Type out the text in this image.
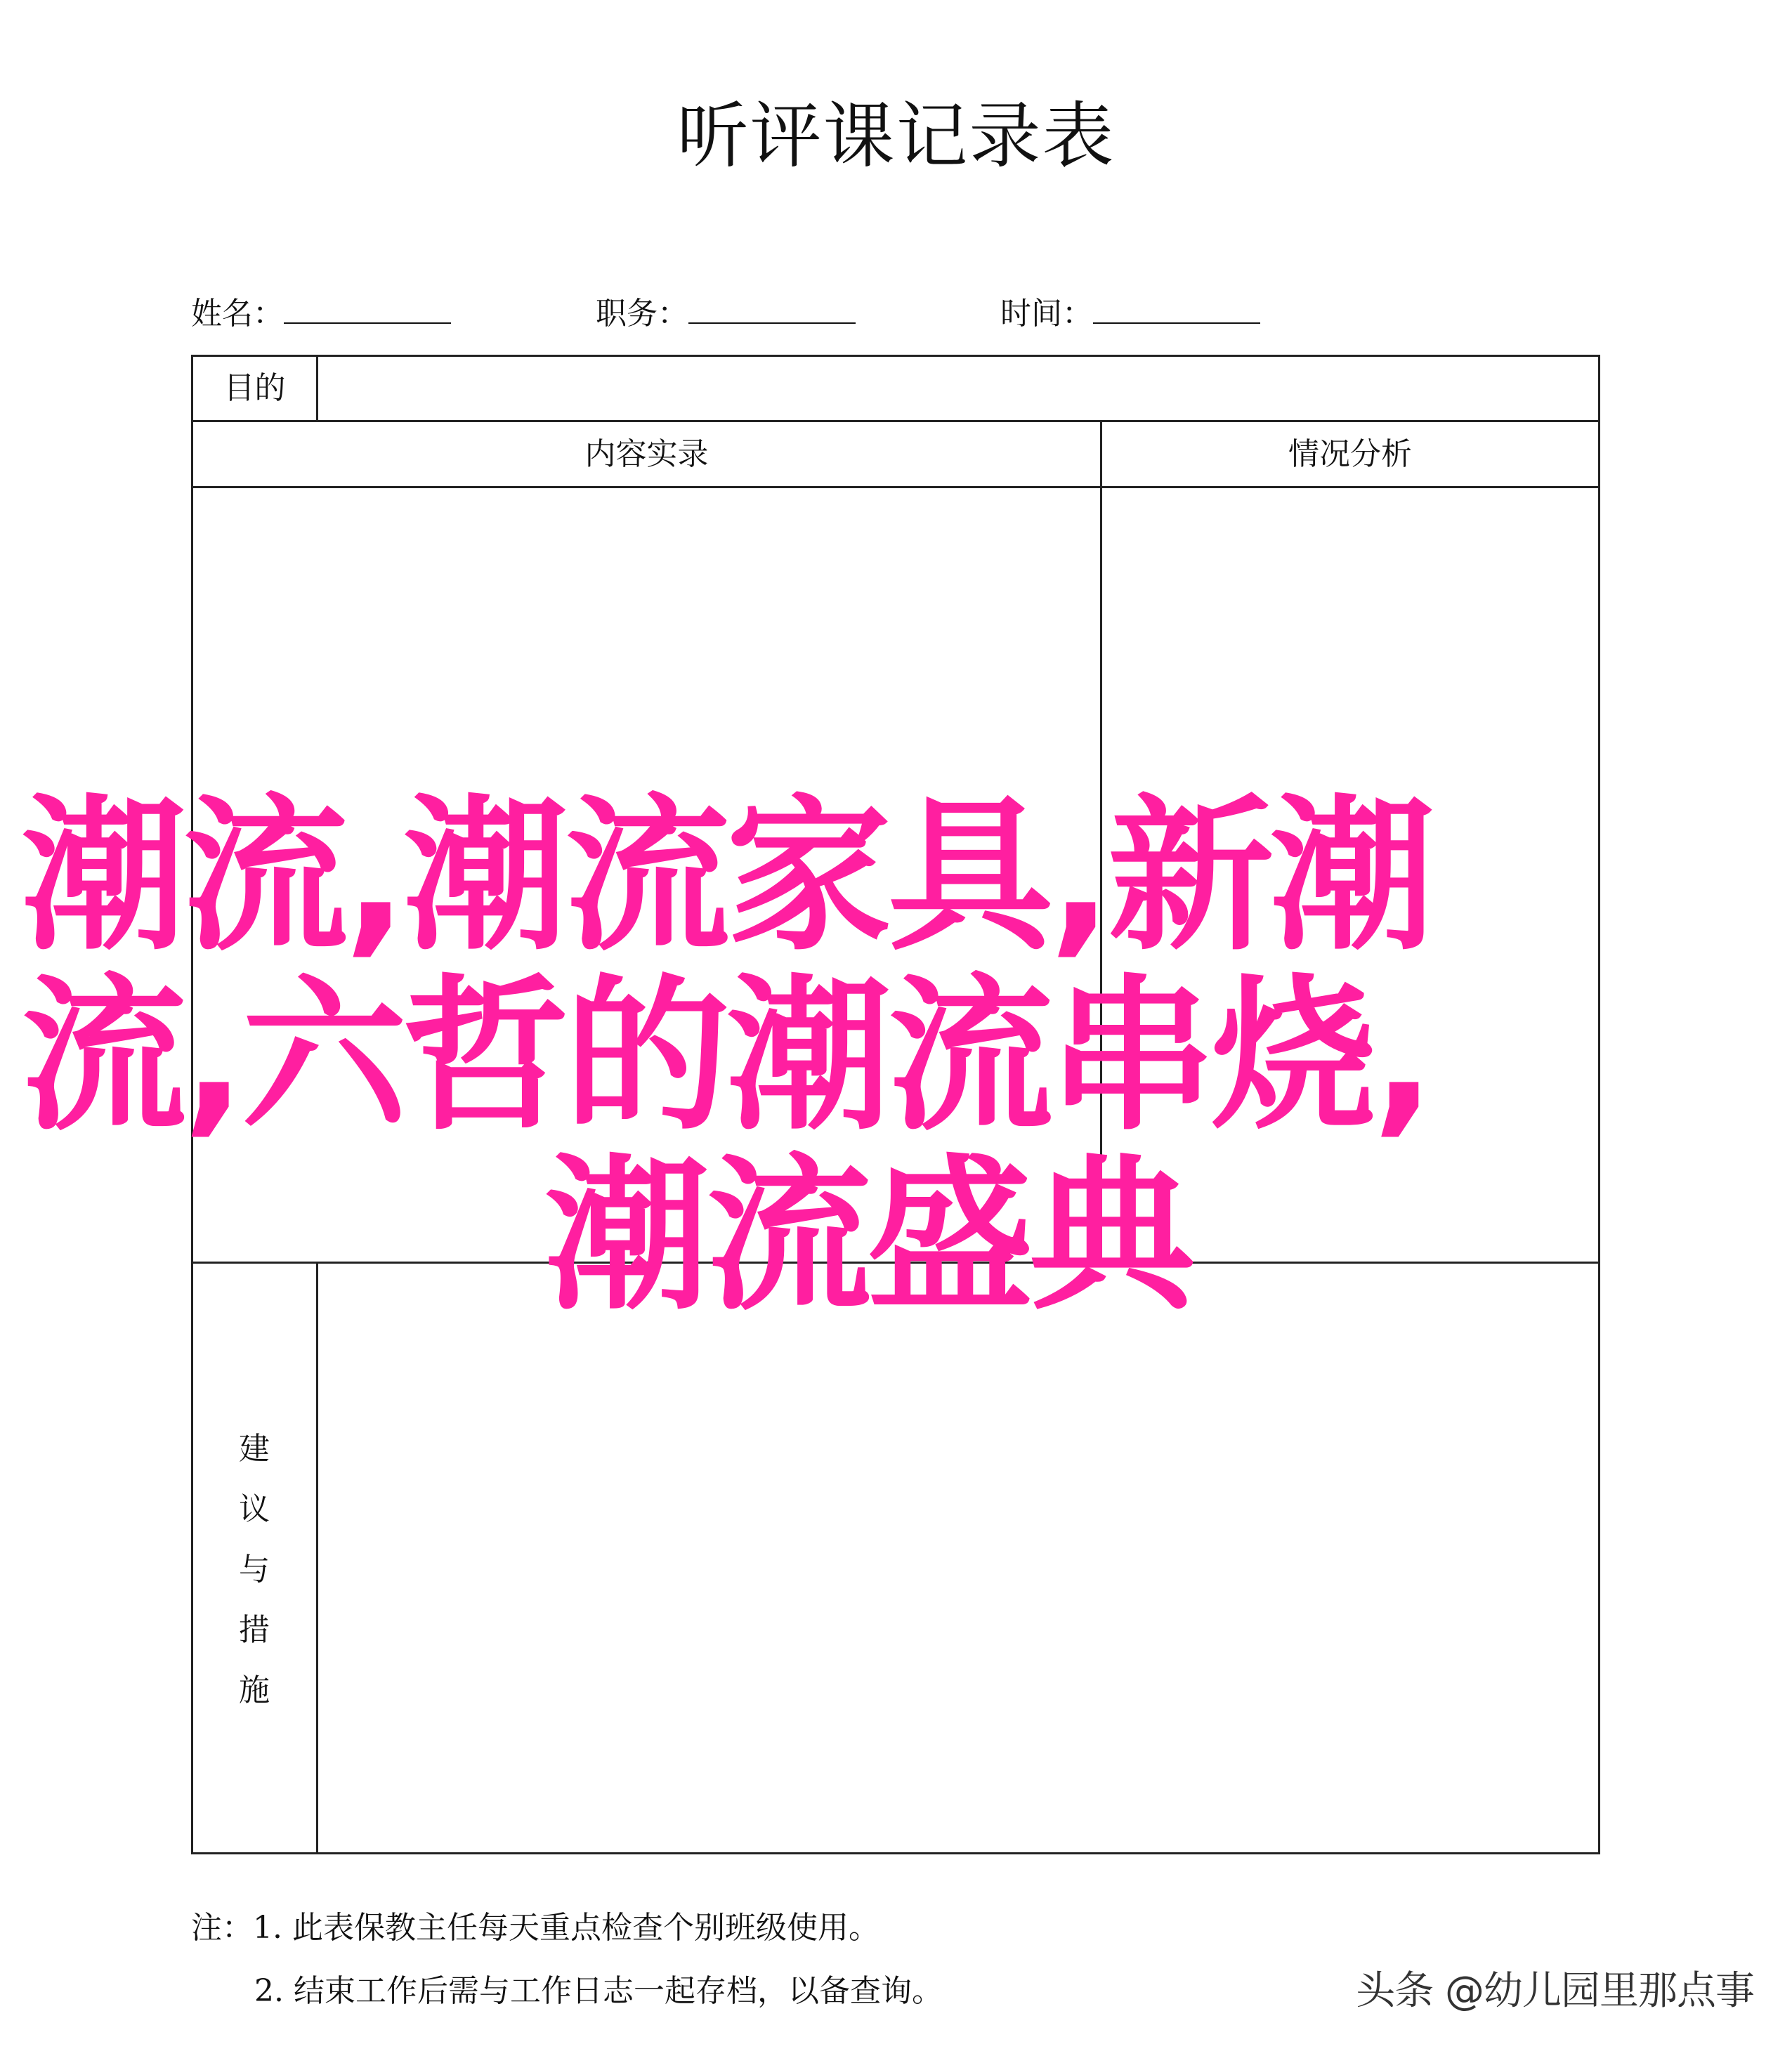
听评课记录表
姓名：	职务：	时间：
目的
内容实录	情况分析
建
议
与
措
施
注：1. 此表保教主任每天重点检查个别班级使用。
2. 结束工作后需与工作日志一起存档，以备查询。
潮流,潮流家具,新潮
流,六哲的潮流串烧,
潮流盛典
头条 @幼儿园里那点事
